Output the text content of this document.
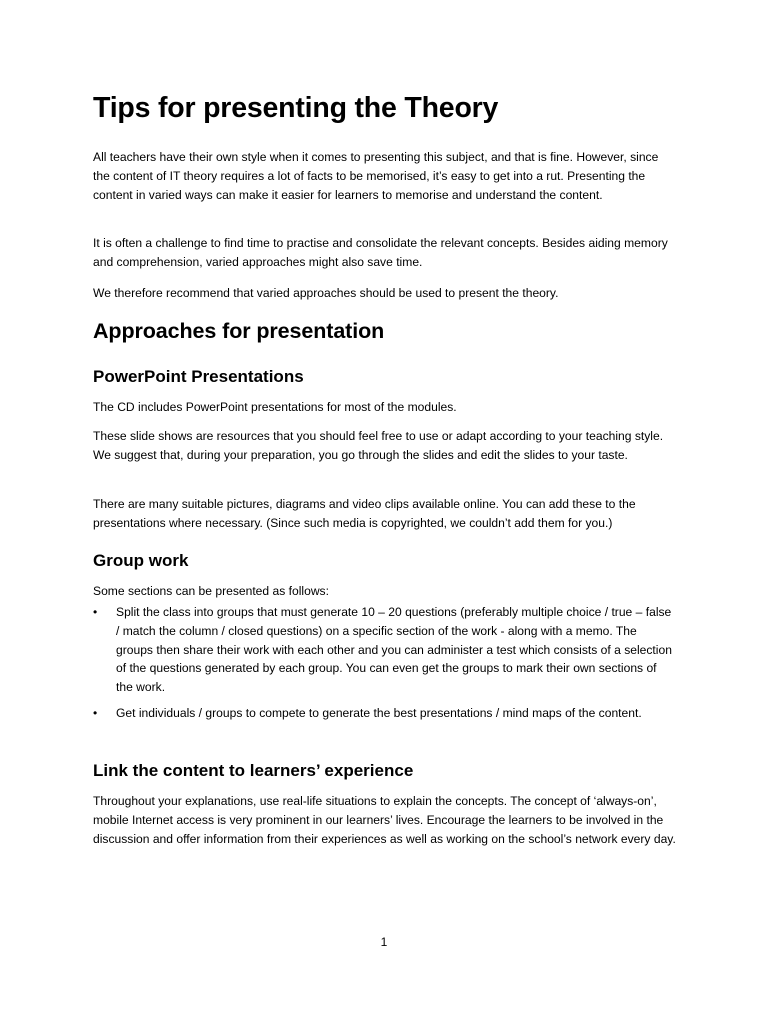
Tips for presenting the Theory

All teachers have their own style when it comes to presenting this subject, and that is fine. However, since the content of IT theory requires a lot of facts to be memorised, it’s easy to get into a rut. Presenting the content in varied ways can make it easier for learners to memorise and understand the content.

It is often a challenge to find time to practise and consolidate the relevant concepts. Besides aiding memory and comprehension, varied approaches might also save time.

We therefore recommend that varied approaches should be used to present the theory.

Approaches for presentation
PowerPoint Presentations

The CD includes PowerPoint presentations for most of the modules.

These slide shows are resources that you should feel free to use or adapt according to your teaching style. We suggest that, during your preparation, you go through the slides and edit the slides to your taste.

There are many suitable pictures, diagrams and video clips available online. You can add these to the presentations where necessary. (Since such media is copyrighted, we couldn’t add them for you.)

Group work

Some sections can be presented as follows:

• Split the class into groups that must generate 10 – 20 questions (preferably multiple choice / true – false / match the column / closed questions) on a specific section of the work - along with a memo. The groups then share their work with each other and you can administer a test which consists of a selection of the questions generated by each group. You can even get the groups to mark their own sections of the work.
• Get individuals / groups to compete to generate the best presentations / mind maps of the content.
Link the content to learners’ experience

Throughout your explanations, use real-life situations to explain the concepts. The concept of ‘always-on’, mobile Internet access is very prominent in our learners’ lives. Encourage the learners to be involved in the discussion and offer information from their experiences as well as working on the school’s network every day.

1
